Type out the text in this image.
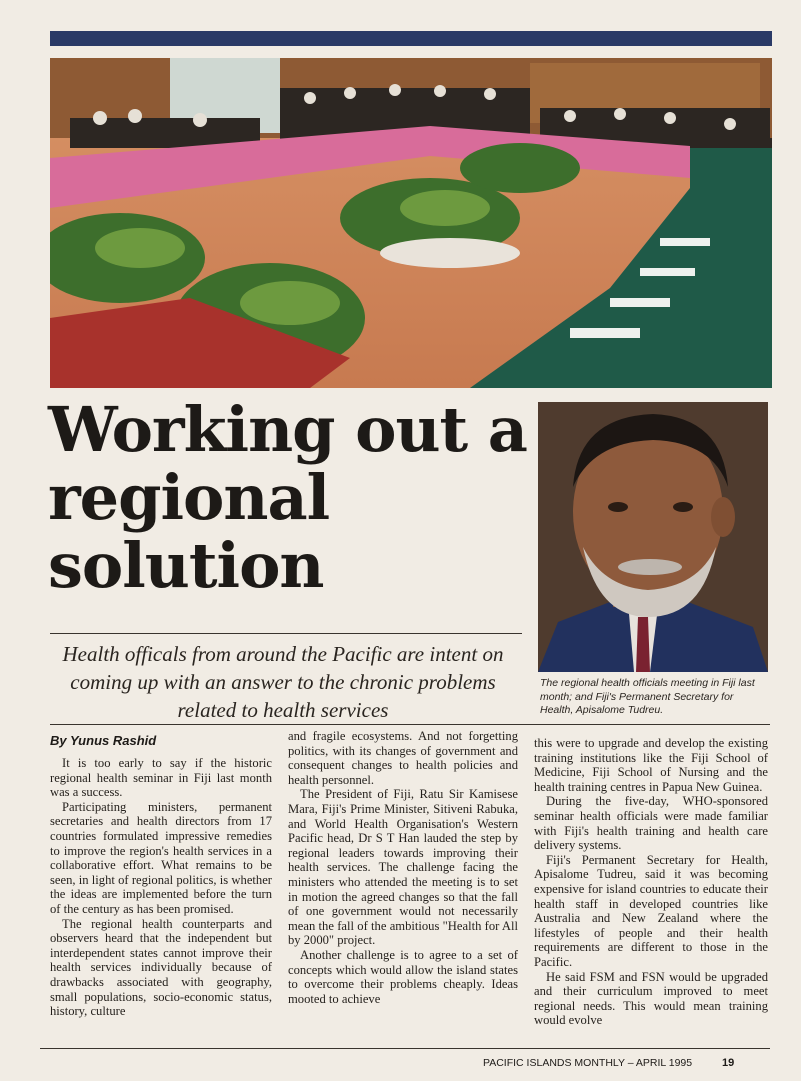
Working out a
regional
solution
Health officals from around the Pacific are intent on
coming up with an answer to the chronic problems
related to health services
The regional health officials meeting in Fiji last month; and Fiji's Permanent Secretary for Health, Apisalome Tudreu.
By Yunus Rashid

It is too early to say if the historic regional health seminar in Fiji last month was a success.

Participating ministers, permanent secretaries and health directors from 17 countries formulated impressive remedies to improve the region's health services in a collaborative effort. What remains to be seen, in light of regional politics, is whether the ideas are implemented before the turn of the century as has been promised.

The regional health counterparts and observers heard that the independent but interdependent states cannot improve their health services individually because of drawbacks associated with geography, small populations, socio-economic status, history, culture

and fragile ecosystems. And not forgetting politics, with its changes of government and consequent changes to health policies and health personnel.

The President of Fiji, Ratu Sir Kamisese Mara, Fiji's Prime Minister, Sitiveni Rabuka, and World Health Organisation's Western Pacific head, Dr S T Han lauded the step by regional leaders towards improving their health services. The challenge facing the ministers who attended the meeting is to set in motion the agreed changes so that the fall of one government would not necessarily mean the fall of the ambitious "Health for All by 2000" project.

Another challenge is to agree to a set of concepts which would allow the island states to overcome their problems cheaply. Ideas mooted to achieve

this were to upgrade and develop the existing training institutions like the Fiji School of Medicine, Fiji School of Nursing and the health training centres in Papua New Guinea.

During the five-day, WHO-sponsored seminar health officials were made familiar with Fiji's health training and health care delivery systems.

Fiji's Permanent Secretary for Health, Apisalome Tudreu, said it was becoming expensive for island countries to educate their health staff in developed countries like Australia and New Zealand where the lifestyles of people and their health requirements are different to those in the Pacific.

He said FSM and FSN would be upgraded and their curriculum improved to meet regional needs. This would mean training would evolve

PACIFIC ISLANDS MONTHLY – APRIL 1995	19
